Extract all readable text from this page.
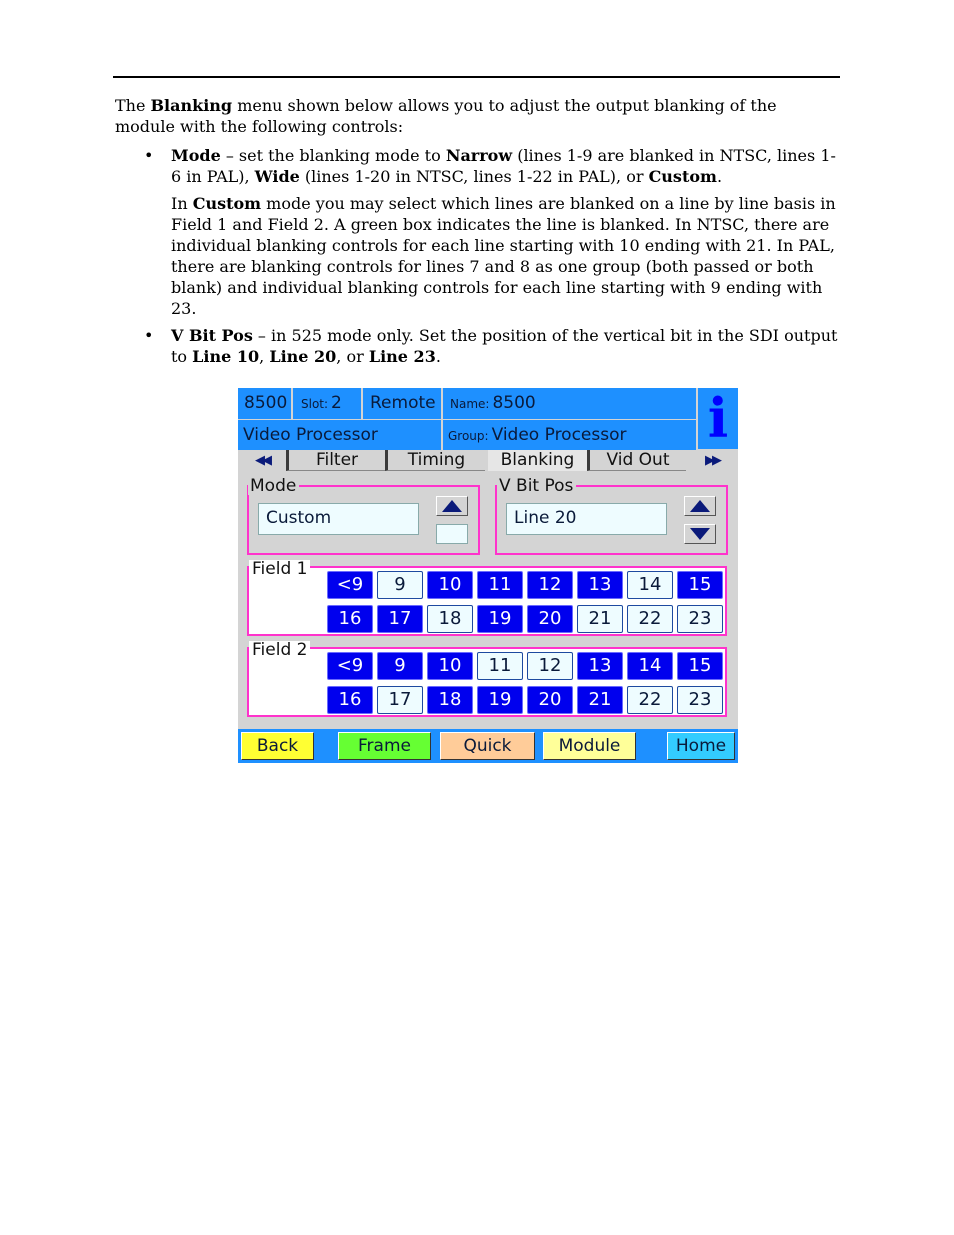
The Blanking menu shown below allows you to adjust the output blanking of the module with the following controls:

• Mode – set the blanking mode to Narrow (lines 1-9 are blanked in NTSC, lines 1-6 in PAL), Wide (lines 1-20 in NTSC, lines 1-22 in PAL), or Custom.
In Custom mode you may select which lines are blanked on a line by line basis in Field 1 and Field 2. A green box indicates the line is blanked. In NTSC, there are individual blanking controls for each line starting with 10 ending with 21. In PAL, there are blanking controls for lines 7 and 8 as one group (both passed or both blank) and individual blanking controls for each line starting with 9 ending with 23.
• V Bit Pos – in 525 mode only. Set the position of the vertical bit in the SDI output to Line 10, Line 20, or Line 23.
8500	Slot: 2	Remote	Name: 8500
Video Processor	Group: Video Processor	i
◀◀	Filter	Timing	Blanking	Vid Out	▶▶
Custom
Mode
Line 20
V Bit Pos
Field 1
<9	9	10	11	12	13	14	15
16	17	18	19	20	21	22	23
Field 2
<9	9	10	11	12	13	14	15
16	17	18	19	20	21	22	23
Back	Frame	Quick	Module	Home
